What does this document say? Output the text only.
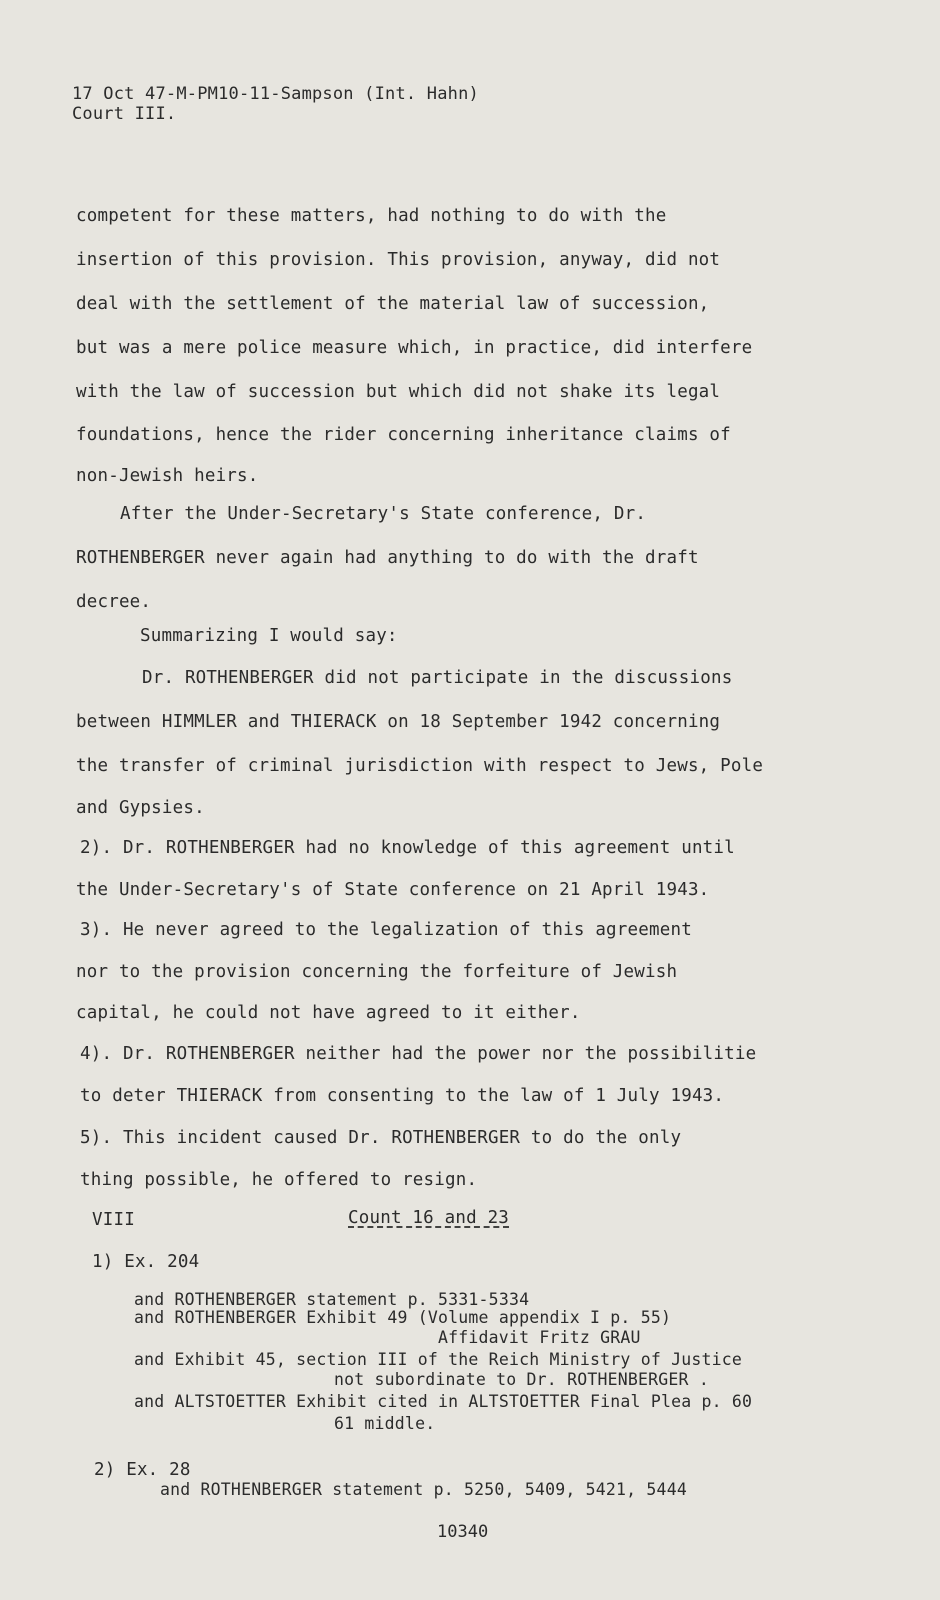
17 Oct 47-M-PM10-11-Sampson (Int. Hahn)
Court III.
competent for these matters, had nothing to do with the
insertion of this provision. This provision, anyway, did not
deal with the settlement of the material law of succession,
but was a mere police measure which, in practice, did interfere
with the law of succession but which did not shake its legal
foundations, hence the rider concerning inheritance claims of
non-Jewish heirs.
After the Under-Secretary's State conference, Dr.
ROTHENBERGER never again had anything to do with the draft
decree.
Summarizing I would say:
Dr. ROTHENBERGER did not participate in the discussions
between HIMMLER and THIERACK on 18 September 1942 concerning
the transfer of criminal jurisdiction with respect to Jews, Pole
and Gypsies.
2). Dr. ROTHENBERGER had no knowledge of this agreement until
the Under-Secretary's of State conference on 21 April 1943.
3). He never agreed to the legalization of this agreement
nor to the provision concerning the forfeiture of Jewish
capital, he could not have agreed to it either.
4). Dr. ROTHENBERGER neither had the power nor the possibilitie
to deter THIERACK from consenting to the law of 1 July 1943.
5). This incident caused Dr. ROTHENBERGER to do the only
thing possible, he offered to resign.
VIII	Count 16 and 23
1) Ex. 204
and ROTHENBERGER statement p. 5331-5334
and ROTHENBERGER Exhibit 49 (Volume appendix I p. 55)
Affidavit Fritz GRAU
and Exhibit 45, section III of the Reich Ministry of Justice
not subordinate to Dr. ROTHENBERGER .
and ALTSTOETTER Exhibit cited in ALTSTOETTER Final Plea p. 60
61 middle.
2) Ex. 28
and ROTHENBERGER statement p. 5250, 5409, 5421, 5444
10340
